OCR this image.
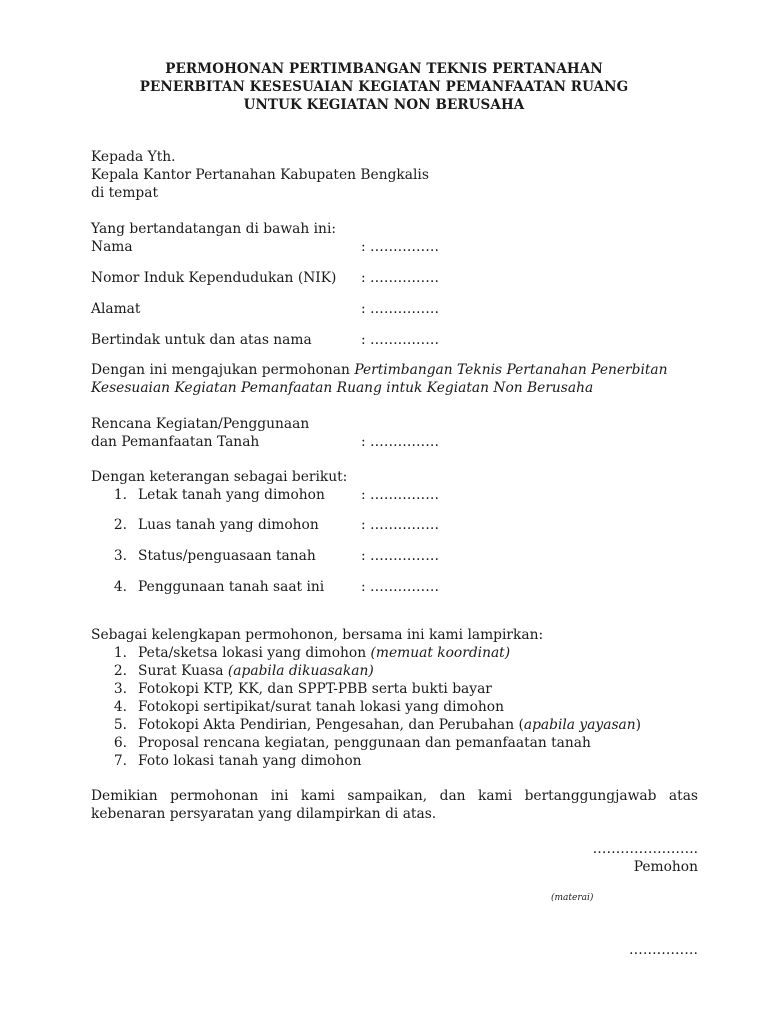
PERMOHONAN PERTIMBANGAN TEKNIS PERTANAHAN
PENERBITAN KESESUAIAN KEGIATAN PEMANFAATAN RUANG
UNTUK KEGIATAN NON BERUSAHA
Kepada Yth.
Kepala Kantor Pertanahan Kabupaten Bengkalis
di tempat
Yang bertandatangan di bawah ini:
Nama	: ……………
Nomor Induk Kependudukan (NIK) : ……………
Alamat	: ……………
Bertindak untuk dan atas nama	: ……………
Dengan ini mengajukan permohonan Pertimbangan Teknis Pertanahan Penerbitan
Kesesuaian Kegiatan Pemanfaatan Ruang intuk Kegiatan Non Berusaha
Rencana Kegiatan/Penggunaan
dan Pemanfaatan Tanah	: ……………
Dengan keterangan sebagai berikut:
1. Letak tanah yang dimohon	: ……………
2. Luas tanah yang dimohon	: ……………
3. Status/penguasaan tanah	: ……………
4. Penggunaan tanah saat ini	: ……………
Sebagai kelengkapan permohonon, bersama ini kami lampirkan:
1. Peta/sketsa lokasi yang dimohon (memuat koordinat)
2. Surat Kuasa (apabila dikuasakan)
3. Fotokopi KTP, KK, dan SPPT-PBB serta bukti bayar
4. Fotokopi sertipikat/surat tanah lokasi yang dimohon
5. Fotokopi Akta Pendirian, Pengesahan, dan Perubahan (apabila yayasan)
6. Proposal rencana kegiatan, penggunaan dan pemanfaatan tanah
7. Foto lokasi tanah yang dimohon
Demikian permohonan ini kami sampaikan, dan kami bertanggungjawab atas
kebenaran persyaratan yang dilampirkan di atas.
…………………..
Pemohon
(materai)
……………
